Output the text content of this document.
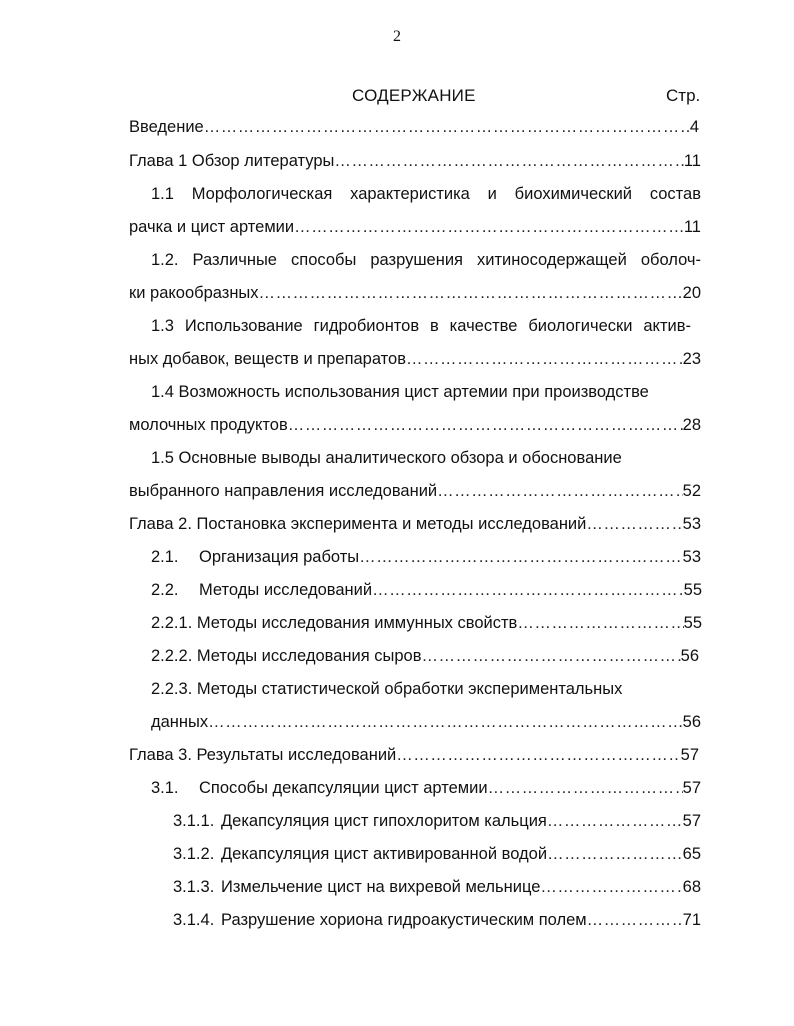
2
СОДЕРЖАНИЕ	Стр.
Введение ……………………………………………………………………………………………………………………	4
Глава 1 Обзор литературы ……………………………………………………………………………………………………………………	11
1.1 Морфологическая характеристика и биохимический состав
рачка и цист артемии ……………………………………………………………………………………………………………………	11
1.2. Различные способы разрушения хитиносодержащей оболоч-
ки ракообразных ……………………………………………………………………………………………………………………	20
1.3 Использование гидробионтов в качестве биологически актив-
ных добавок, веществ и препаратов ……………………………………………………………………………………………………………………	23
1.4 Возможность использования цист артемии при производстве
молочных продуктов ……………………………………………………………………………………………………………………	28
1.5 Основные выводы аналитического обзора и обоснование
выбранного направления исследований ……………………………………………………………………………………………………………………	52
Глава 2. Постановка эксперимента и методы исследований ……………………………………………………………………………………………………………………	53
2.1. Организация работы ……………………………………………………………………………………………………………………	53
2.2. Методы исследований ……………………………………………………………………………………………………………………	55
2.2.1. Методы исследования иммунных свойств ……………………………………………………………………………………………………………………	55
2.2.2. Методы исследования сыров ……………………………………………………………………………………………………………………	56
2.2.3. Методы статистической обработки экспериментальных
данных ……………………………………………………………………………………………………………………	56
Глава 3. Результаты исследований ……………………………………………………………………………………………………………………	57
3.1. Способы декапсуляции цист артемии ……………………………………………………………………………………………………………………	57
3.1.1. Декапсуляция цист гипохлоритом кальция ……………………………………………………………………………………………………………………	57
3.1.2. Декапсуляция цист активированной водой ……………………………………………………………………………………………………………………	65
3.1.3. Измельчение цист на вихревой мельнице ……………………………………………………………………………………………………………………	68
3.1.4. Разрушение хориона гидроакустическим полем ……………………………………………………………………………………………………………………	71
